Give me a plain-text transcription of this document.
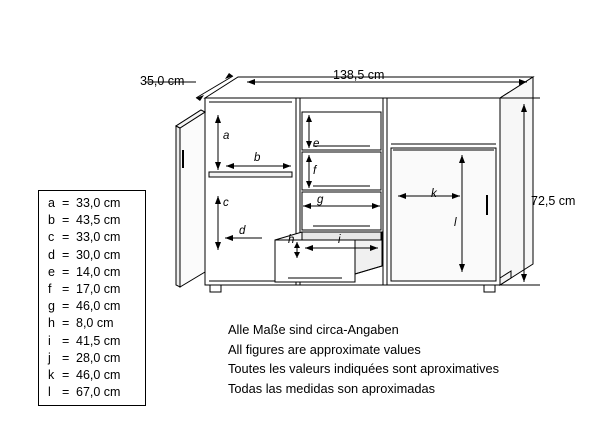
35,0 cm	138,5 cm
72,5 cm
a
b
c
d
e
f
g
h	i
k
l
a = 33,0 cm
b = 43,5 cm
c = 33,0 cm
d = 30,0 cm
e = 14,0 cm
f = 17,0 cm
g = 46,0 cm
h = 8,0 cm
i = 41,5 cm
j = 28,0 cm
k = 46,0 cm
l = 67,0 cm
Alle Maße sind circa-Angaben
All figures are approximate values
Toutes les valeurs indiquées sont aproximatives
Todas las medidas son aproximadas
